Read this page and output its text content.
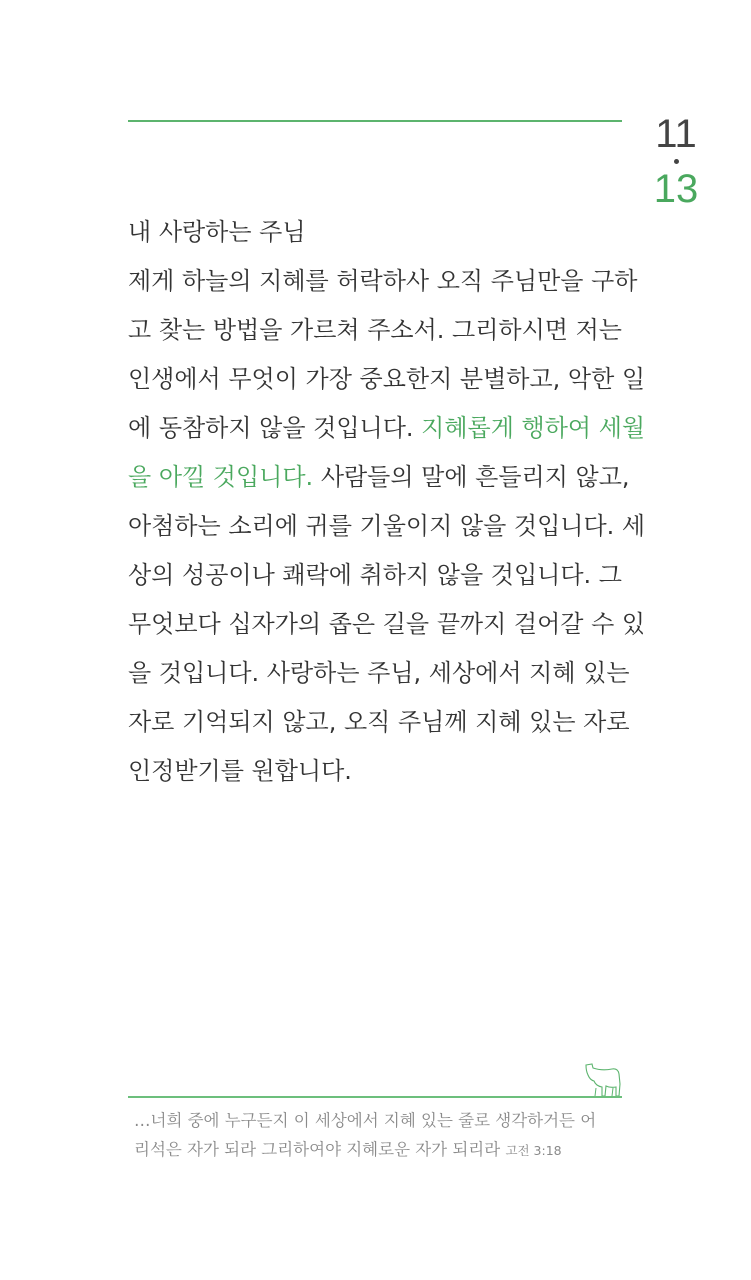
11
13
내 사랑하는 주님
제게 하늘의 지혜를 허락하사 오직 주님만을 구하
고 찾는 방법을 가르쳐 주소서. 그리하시면 저는
인생에서 무엇이 가장 중요한지 분별하고, 악한 일
에 동참하지 않을 것입니다. 지혜롭게 행하여 세월
을 아낄 것입니다. 사람들의 말에 흔들리지 않고,
아첨하는 소리에 귀를 기울이지 않을 것입니다. 세
상의 성공이나 쾌락에 취하지 않을 것입니다. 그
무엇보다 십자가의 좁은 길을 끝까지 걸어갈 수 있
을 것입니다. 사랑하는 주님, 세상에서 지혜 있는
자로 기억되지 않고, 오직 주님께 지혜 있는 자로
인정받기를 원합니다.
…너희 중에 누구든지 이 세상에서 지혜 있는 줄로 생각하거든 어
리석은 자가 되라 그리하여야 지혜로운 자가 되리라 고전 3:18
